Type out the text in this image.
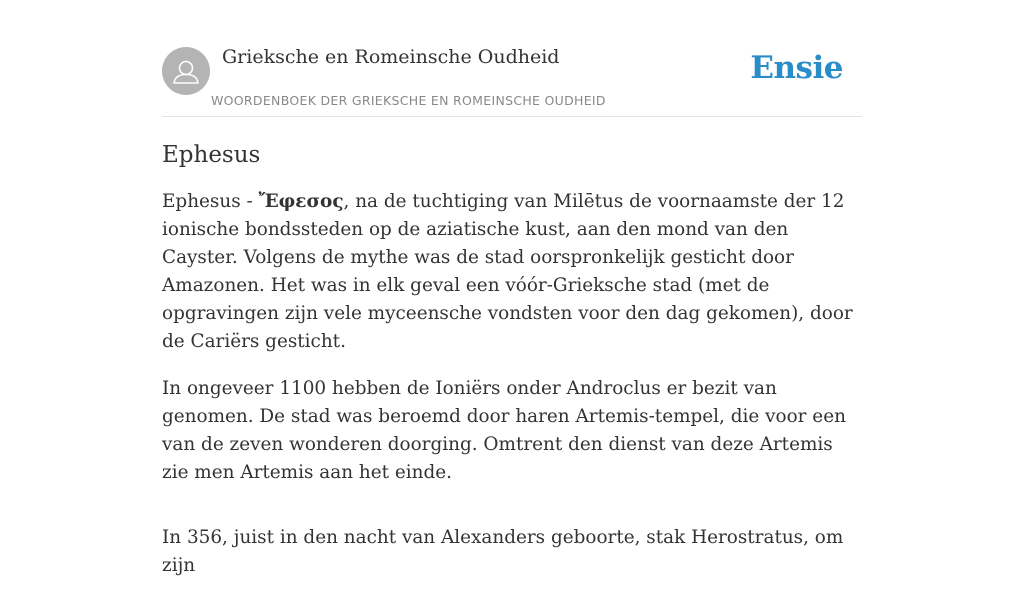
Grieksche en Romeinsche Oudheid
WOORDENBOEK DER GRIEKSCHE EN ROMEINSCHE OUDHEID
Ensie
Ephesus

Ephesus - Ἔφεσος, na de tuchtiging van Milētus de voornaamste der 12 ionische bondssteden op de aziatische kust, aan den mond van den Cayster. Volgens de mythe was de stad oorspronkelijk gesticht door Amazonen. Het was in elk geval een vóór-Grieksche stad (met de opgravingen zijn vele myceensche vondsten voor den dag gekomen), door de Cariërs gesticht.

In ongeveer 1100 hebben de Ioniërs onder Androclus er bezit van genomen. De stad was beroemd door haren Artemis-tempel, die voor een van de zeven wonderen doorging. Omtrent den dienst van deze Artemis zie men Artemis aan het einde.

In 356, juist in den nacht van Alexanders geboorte, stak Herostratus, om zijn
